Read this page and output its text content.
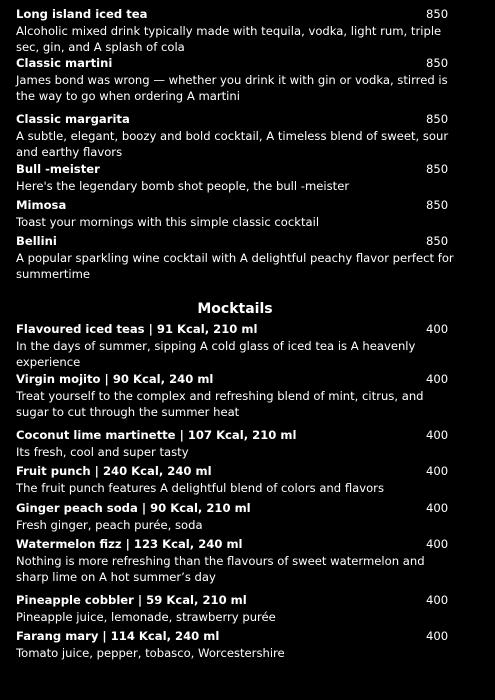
Long island iced tea
Alcoholic mixed drink typically made with tequila, vodka, light rum, triple sec, gin, and A splash of cola
850
Classic martini
James bond was wrong — whether you drink it with gin or vodka, stirred is the way to go when ordering A martini
850
Classic margarita
A subtle, elegant, boozy and bold cocktail, A timeless blend of sweet, sour and earthy flavors
850
Bull -meister
Here's the legendary bomb shot people, the bull -meister
850
Mimosa
Toast your mornings with this simple classic cocktail
850
Bellini
A popular sparkling wine cocktail with A delightful peachy flavor perfect for summertime
850
Mocktails
Flavoured iced teas | 91 Kcal, 210 ml
In the days of summer, sipping A cold glass of iced tea is A heavenly experience
400
Virgin mojito | 90 Kcal, 240 ml
Treat yourself to the complex and refreshing blend of mint, citrus, and sugar to cut through the summer heat
400
Coconut lime martinette | 107 Kcal, 210 ml
Its fresh, cool and super tasty
400
Fruit punch | 240 Kcal, 240 ml
The fruit punch features A delightful blend of colors and flavors
400
Ginger peach soda | 90 Kcal, 210 ml
Fresh ginger, peach purée, soda
400
Watermelon fizz | 123 Kcal, 240 ml
Nothing is more refreshing than the flavours of sweet watermelon and sharp lime on A hot summer’s day
400
Pineapple cobbler | 59 Kcal, 210 ml
Pineapple juice, lemonade, strawberry purée
400
Farang mary | 114 Kcal, 240 ml
Tomato juice, pepper, tobasco, Worcestershire
400
